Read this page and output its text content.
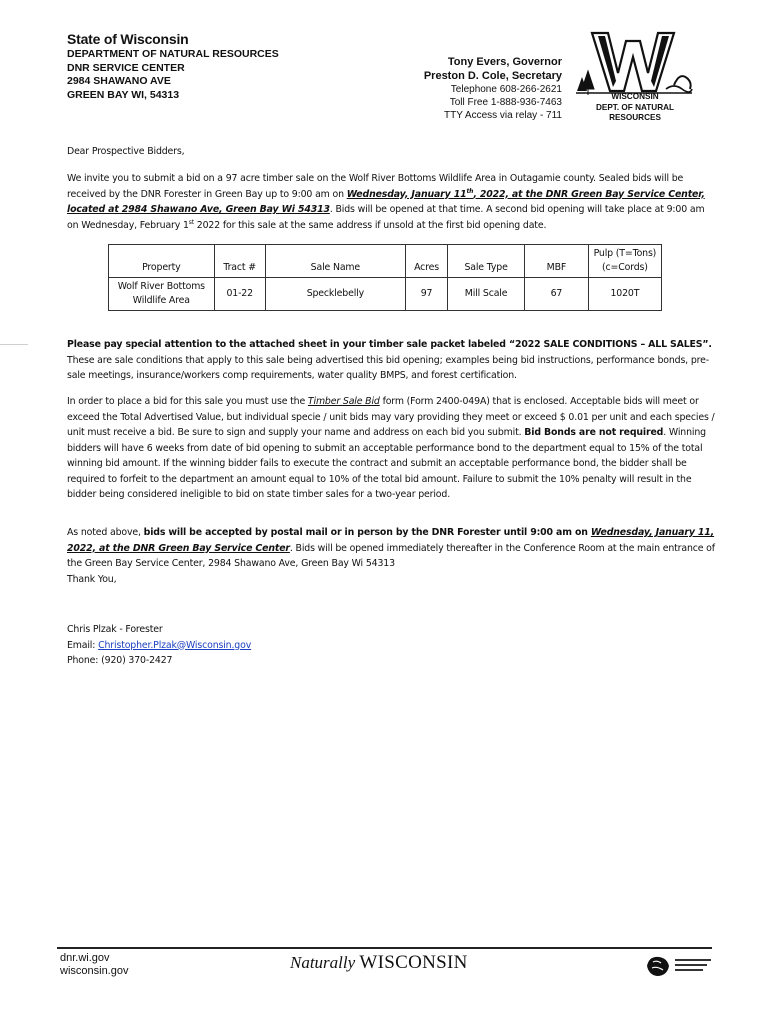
State of Wisconsin
DEPARTMENT OF NATURAL RESOURCES
DNR SERVICE CENTER
2984 SHAWANO AVE
GREEN BAY WI, 54313
Tony Evers, Governor
Preston D. Cole, Secretary
Telephone 608-266-2621
Toll Free 1-888-936-7463
TTY Access via relay - 711
WISCONSIN
DEPT. OF NATURAL RESOURCES
Dear Prospective Bidders,
We invite you to submit a bid on a 97 acre timber sale on the Wolf River Bottoms Wildlife Area in Outagamie county. Sealed bids will be received by the DNR Forester in Green Bay up to 9:00 am on Wednesday, January 11th, 2022, at the DNR Green Bay Service Center, located at 2984 Shawano Ave, Green Bay Wi 54313. Bids will be opened at that time. A second bid opening will take place at 9:00 am on Wednesday, February 1st 2022 for this sale at the same address if unsold at the first bid opening date.
Property	Tract #	Sale Name	Acres	Sale Type	MBF	Pulp (T=Tons) (c=Cords)
Wolf River Bottoms Wildlife Area	01-22	Specklebelly	97	Mill Scale	67	1020T
Please pay special attention to the attached sheet in your timber sale packet labeled “2022 SALE CONDITIONS – ALL SALES”. These are sale conditions that apply to this sale being advertised this bid opening; examples being bid instructions, performance bonds, pre-sale meetings, insurance/workers comp requirements, water quality BMPS, and forest certification.
In order to place a bid for this sale you must use the Timber Sale Bid form (Form 2400-049A) that is enclosed. Acceptable bids will meet or exceed the Total Advertised Value, but individual specie / unit bids may vary providing they meet or exceed $ 0.01 per unit and each species / unit must receive a bid. Be sure to sign and supply your name and address on each bid you submit. Bid Bonds are not required. Winning bidders will have 6 weeks from date of bid opening to submit an acceptable performance bond to the department equal to 15% of the total winning bid amount. If the winning bidder fails to execute the contract and submit an acceptable performance bond, the bidder shall be required to forfeit to the department an amount equal to 10% of the total bid amount. Failure to submit the 10% penalty will result in the bidder being considered ineligible to bid on state timber sales for a two-year period.
As noted above, bids will be accepted by postal mail or in person by the DNR Forester until 9:00 am on Wednesday, January 11, 2022, at the DNR Green Bay Service Center. Bids will be opened immediately thereafter in the Conference Room at the main entrance of the Green Bay Service Center, 2984 Shawano Ave, Green Bay Wi 54313
Thank You,
Chris Plzak - Forester
Email: Christopher.Plzak@Wisconsin.gov
Phone: (920) 370-2427
dnr.wi.gov
wisconsin.gov	Naturally WISCONSIN
